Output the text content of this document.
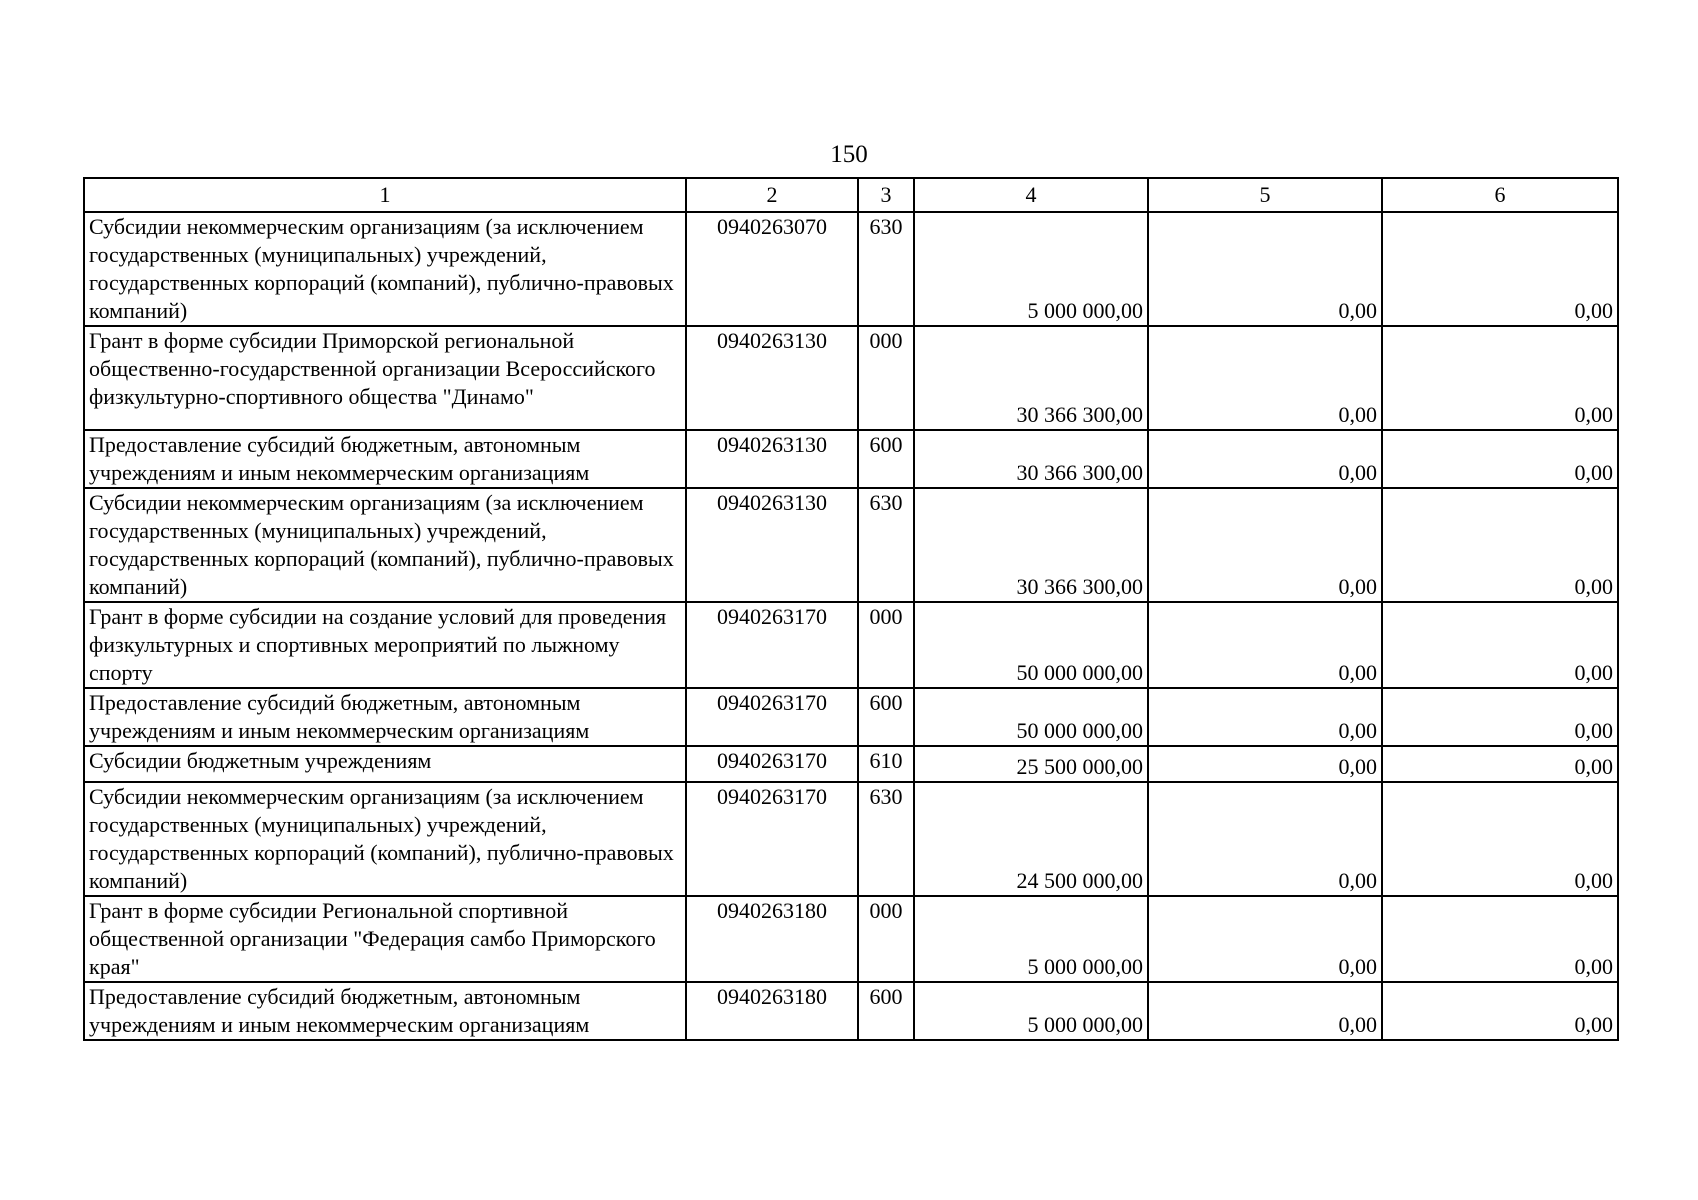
150
1	2	3	4	5	6
Субсидии некоммерческим организациям (за исключением государственных (муниципальных) учреждений, государственных корпораций (компаний), публично-правовых компаний)	0940263070	630	5 000 000,00	0,00	0,00
Грант в форме субсидии Приморской региональной общественно-государственной организации Всероссийского физкультурно-спортивного общества "Динамо"	0940263130	000	30 366 300,00	0,00	0,00
Предоставление субсидий бюджетным, автономным учреждениям и иным некоммерческим организациям	0940263130	600	30 366 300,00	0,00	0,00
Субсидии некоммерческим организациям (за исключением государственных (муниципальных) учреждений, государственных корпораций (компаний), публично-правовых компаний)	0940263130	630	30 366 300,00	0,00	0,00
Грант в форме субсидии на создание условий для проведения физкультурных и спортивных мероприятий по лыжному спорту	0940263170	000	50 000 000,00	0,00	0,00
Предоставление субсидий бюджетным, автономным учреждениям и иным некоммерческим организациям	0940263170	600	50 000 000,00	0,00	0,00
Субсидии бюджетным учреждениям	0940263170	610	25 500 000,00	0,00	0,00
Субсидии некоммерческим организациям (за исключением государственных (муниципальных) учреждений, государственных корпораций (компаний), публично-правовых компаний)	0940263170	630	24 500 000,00	0,00	0,00
Грант в форме субсидии Региональной спортивной общественной организации "Федерация самбо Приморского края"	0940263180	000	5 000 000,00	0,00	0,00
Предоставление субсидий бюджетным, автономным учреждениям и иным некоммерческим организациям	0940263180	600	5 000 000,00	0,00	0,00
